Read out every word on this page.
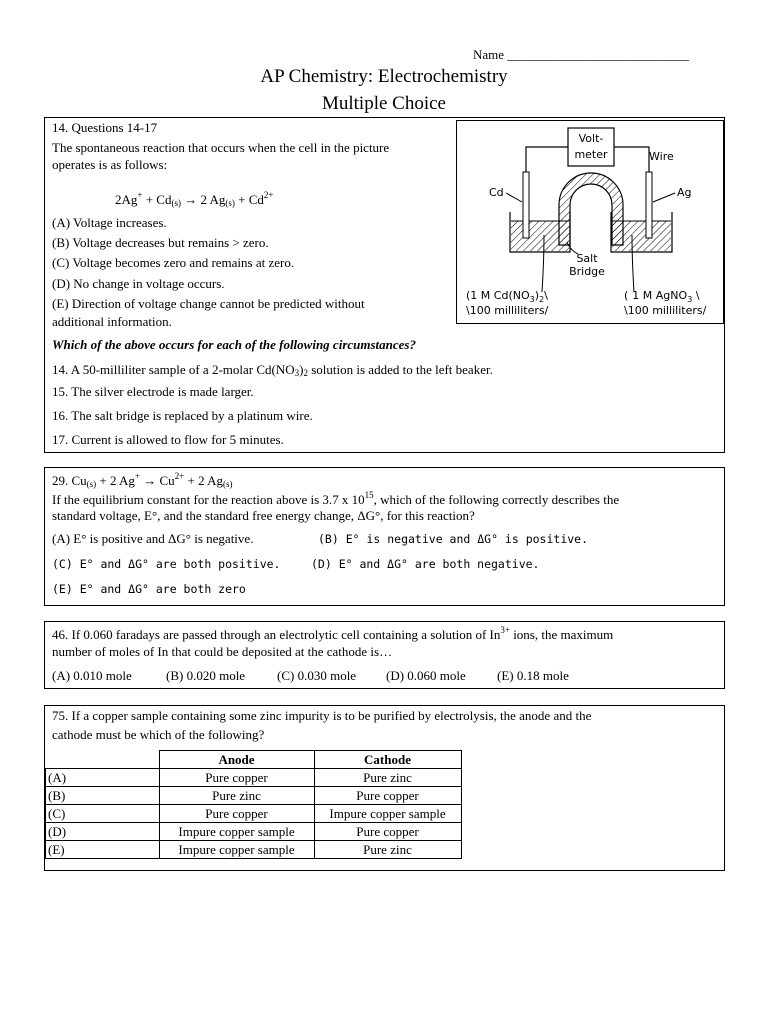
Name ____________________________
AP Chemistry: Electrochemistry
Multiple Choice
14. Questions 14-17
The spontaneous reaction that occurs when the cell in the picture
operates is as follows:
$2Ag^+ + Cd_{(s)} \to 2$ $Ag_{(s)} + Cd^{2+}$
(A) Voltage increases.
(B) Voltage decreases but remains > zero.
(C) Voltage becomes zero and remains at zero.
(D) No change in voltage occurs.
(E) Direction of voltage change cannot be predicted without
additional information.
Which of the above occurs for each of the following circumstances?
14. A 50-milliliter sample of a 2-molar $Cd(NO_3)_2$ solution is added to the left beaker.
15. The silver electrode is made larger.
16. The salt bridge is replaced by a platinum wire.
17. Current is allowed to flow for 5 minutes.
Volt-
meter	Wire
Cd	Ag
Salt
Bridge
(1 M $Cd(NO_3)_2\backslash$
\100 milliliters/
( 1 M AgNO$_3$ \
\100 milliliters/
29. $Cu_{(s)} + 2$ $Ag^+ \to Cu^{2+} + 2$ $Ag_{(s)}$
If the equilibrium constant for the reaction above is 3.7 x $10^{15}$, which of the following correctly describes the
standard voltage, E°, and the standard free energy change, ΔG°, for this reaction?
(A) E° is positive and ΔG° is negative.	(B) E° is negative and ΔG° is positive.
(C) E° and ΔG° are both positive.	(D) E° and ΔG° are both negative.
(E) E° and ΔG° are both zero
46. If 0.060 faradays are passed through an electrolytic cell containing a solution of $In^{3+}$ ions, the maximum
number of moles of In that could be deposited at the cathode is…
(A) 0.010 mole	(B) 0.020 mole (C) 0.030 mole (D) 0.060 mole (E) 0.18 mole
75. If a copper sample containing some zinc impurity is to be purified by electrolysis, the anode and the
cathode must be which of the following?
	Anode	Cathode
(A)	Pure copper	Pure zinc
(B)	Pure zinc	Pure copper
(C)	Pure copper	Impure copper sample
(D)	Impure copper sample	Pure copper
(E)	Impure copper sample	Pure zinc
